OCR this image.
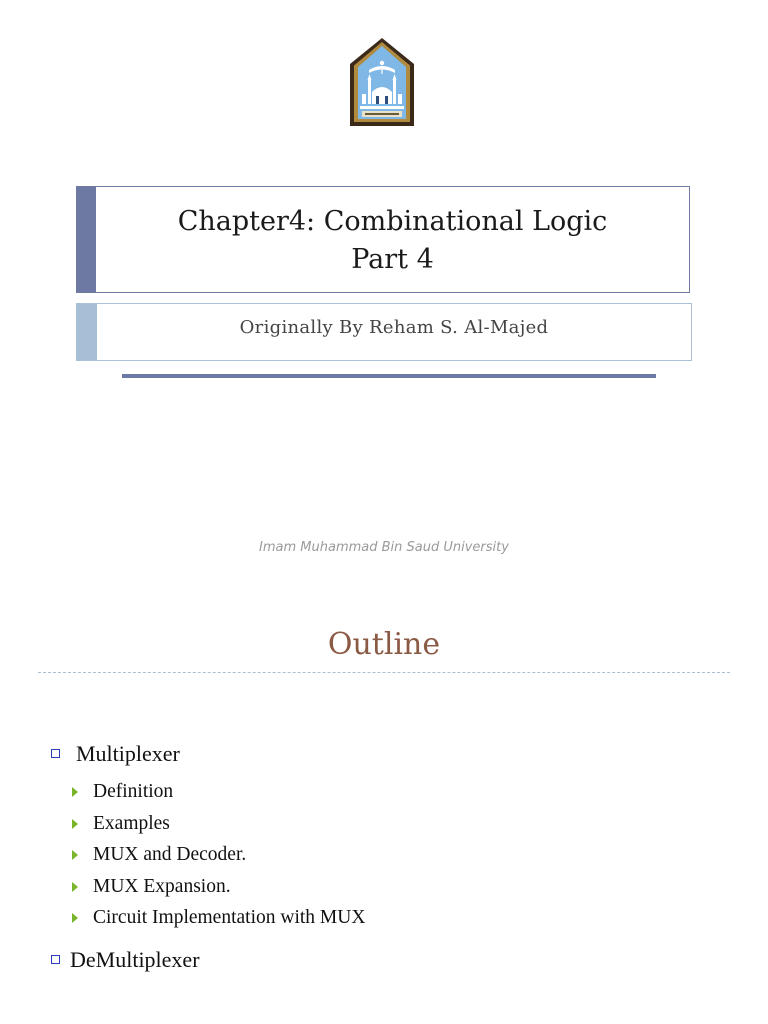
Chapter4: Combinational Logic
Part 4
Originally By Reham S. Al-Majed
Imam Muhammad Bin Saud University
Outline
Multiplexer
Definition
Examples
MUX and Decoder.
MUX Expansion.
Circuit Implementation with MUX
DeMultiplexer
